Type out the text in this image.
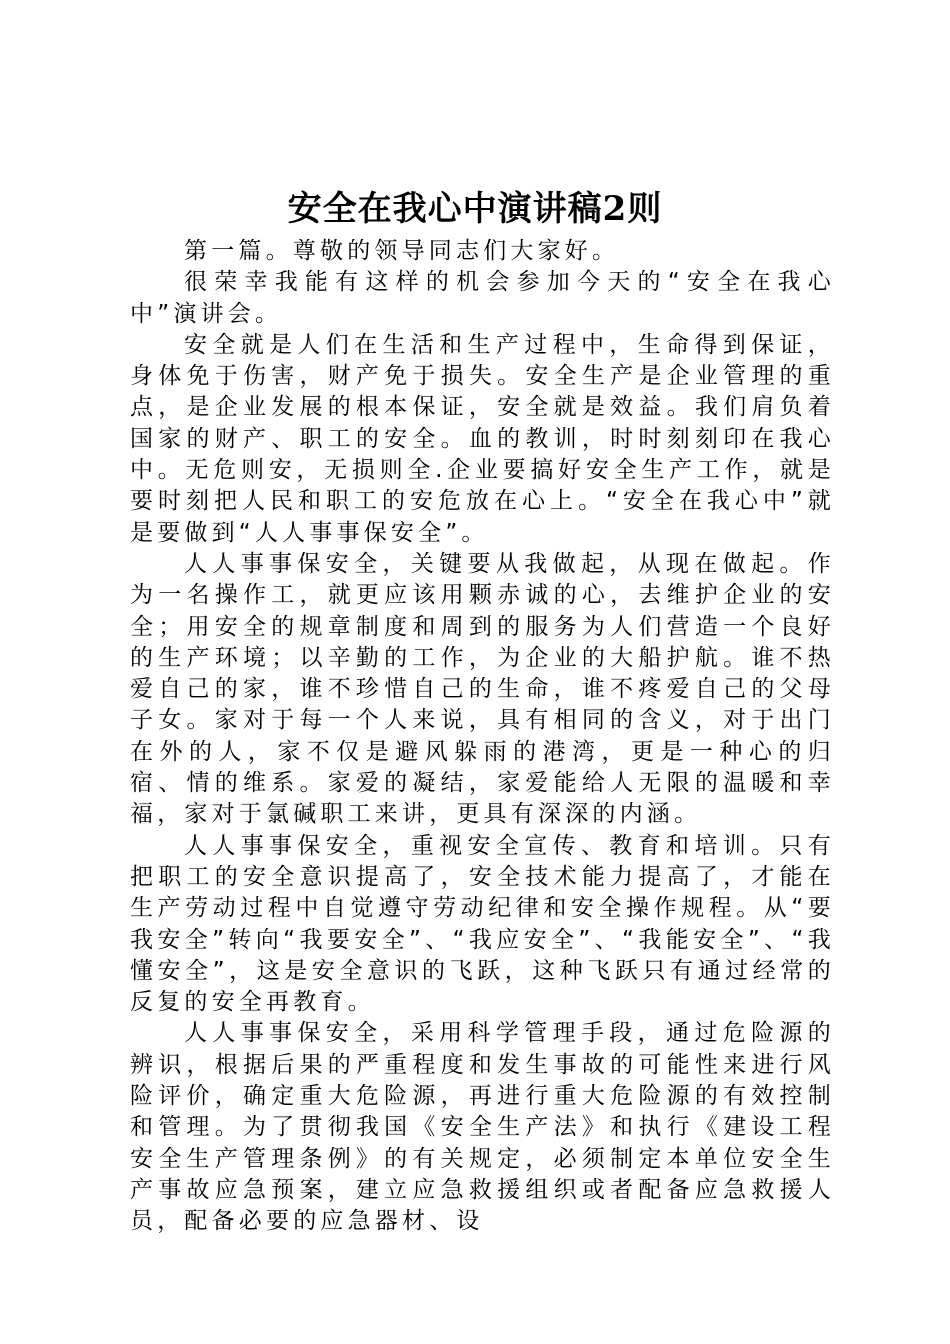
安全在我心中演讲稿2则

第一篇。尊敬的领导同志们大家好。

很荣幸我能有这样的机会参加今天的“安全在我心中”演讲会。

安全就是人们在生活和生产过程中，生命得到保证，身体免于伤害，财产免于损失。安全生产是企业管理的重点，是企业发展的根本保证，安全就是效益。我们肩负着国家的财产、职工的安全。血的教训，时时刻刻印在我心中。无危则安，无损则全.企业要搞好安全生产工作，就是要时刻把人民和职工的安危放在心上。“安全在我心中”就是要做到“人人事事保安全”。

人人事事保安全，关键要从我做起，从现在做起。作为一名操作工，就更应该用颗赤诚的心，去维护企业的安全；用安全的规章制度和周到的服务为人们营造一个良好的生产环境；以辛勤的工作，为企业的大船护航。谁不热爱自己的家，谁不珍惜自己的生命，谁不疼爱自己的父母子女。家对于每一个人来说，具有相同的含义，对于出门在外的人，家不仅是避风躲雨的港湾，更是一种心的归宿、情的维系。家爱的凝结，家爱能给人无限的温暖和幸福，家对于氯碱职工来讲，更具有深深的内涵。

人人事事保安全，重视安全宣传、教育和培训。只有把职工的安全意识提高了，安全技术能力提高了，才能在生产劳动过程中自觉遵守劳动纪律和安全操作规程。从“要我安全”转向“我要安全”、“我应安全”、“我能安全”、“我懂安全”，这是安全意识的飞跃，这种飞跃只有通过经常的反复的安全再教育。

人人事事保安全，采用科学管理手段，通过危险源的辨识，根据后果的严重程度和发生事故的可能性来进行风险评价，确定重大危险源，再进行重大危险源的有效控制和管理。为了贯彻我国《安全生产法》和执行《建设工程安全生产管理条例》的有关规定，必须制定本单位安全生产事故应急预案，建立应急救援组织或者配备应急救援人员，配备必要的应急器材、设
